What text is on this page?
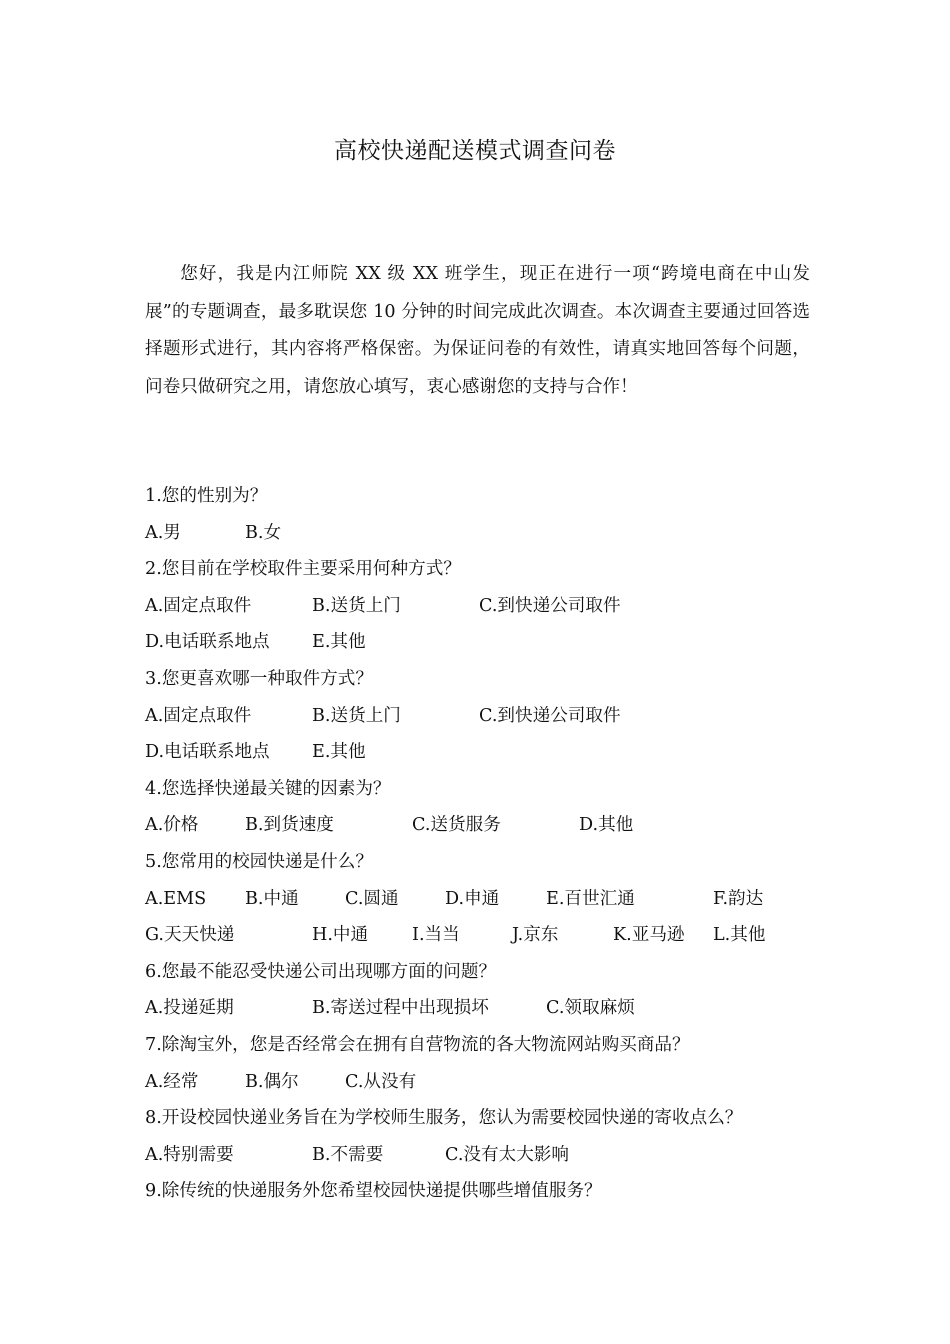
高校快递配送模式调查问卷

您好，我是内江师院 XX 级 XX 班学生，现正在进行一项“跨境电商在中山发展”的专题调查，最多耽误您 10 分钟的时间完成此次调查。本次调查主要通过回答选择题形式进行，其内容将严格保密。为保证问卷的有效性，请真实地回答每个问题，问卷只做研究之用，请您放心填写，衷心感谢您的支持与合作！

1.您的性别为？
A.男	B.女
2.您目前在学校取件主要采用何种方式？
A.固定点取件	B.送货上门	C.到快递公司取件
D.电话联系地点 E.其他
3.您更喜欢哪一种取件方式？
A.固定点取件	B.送货上门	C.到快递公司取件
D.电话联系地点 E.其他
4.您选择快递最关键的因素为？
A.价格	B.到货速度	C.送货服务	D.其他
5.您常用的校园快递是什么？
A.EMS B.中通	C.圆通	D.申通	E.百世汇通	F.韵达
G.天天快递	H.中通 I.当当	J.京东	K.亚马逊 L.其他
6.您最不能忍受快递公司出现哪方面的问题？
A.投递延期	B.寄送过程中出现损坏	C.领取麻烦
7.除淘宝外，您是否经常会在拥有自营物流的各大物流网站购买商品？
A.经常	B.偶尔	C.从没有
8.开设校园快递业务旨在为学校师生服务，您认为需要校园快递的寄收点么？
A.特别需要	B.不需要	C.没有太大影响
9.除传统的快递服务外您希望校园快递提供哪些增值服务？
